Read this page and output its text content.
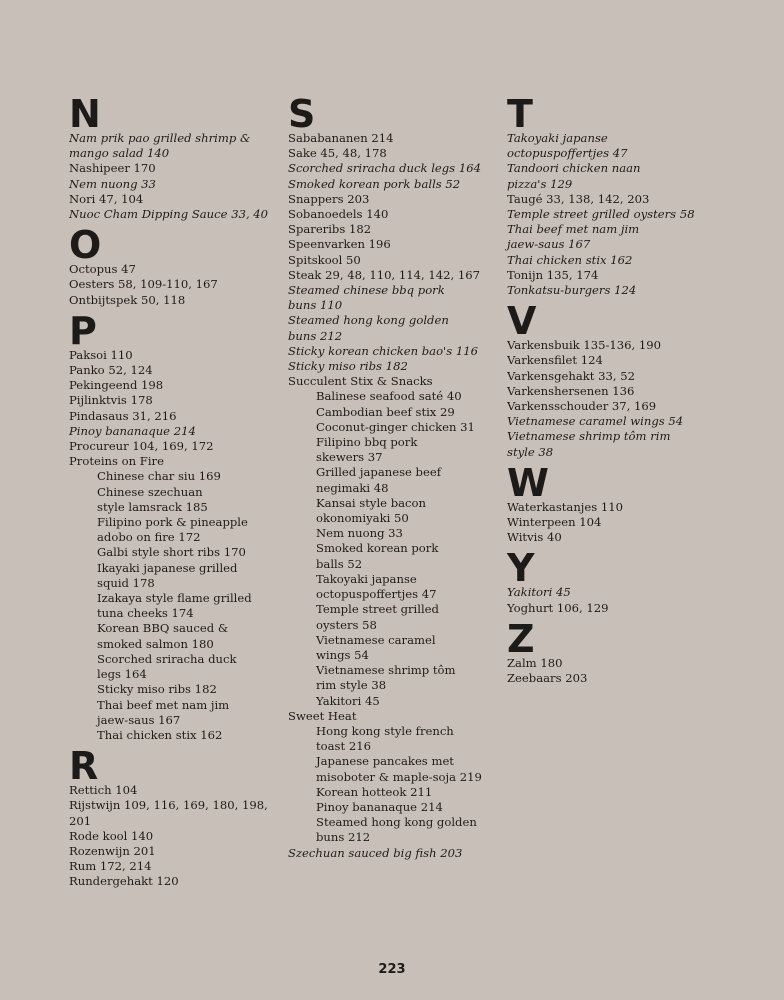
N
Nam prik pao grilled shrimp &
mango salad 140
Nashipeer 170
Nem nuong 33
Nori 47, 104
Nuoc Cham Dipping Sauce 33, 40
O
Octopus 47
Oesters 58, 109-110, 167
Ontbijtspek 50, 118
P
Paksoi 110
Panko 52, 124
Pekingeend 198
Pijlinktvis 178
Pindasaus 31, 216
Pinoy bananaque 214
Procureur 104, 169, 172
Proteins on Fire
Chinese char siu 169
Chinese szechuan
style lamsrack 185
Filipino pork & pineapple
adobo on fire 172
Galbi style short ribs 170
Ikayaki japanese grilled
squid 178
Izakaya style flame grilled
tuna cheeks 174
Korean BBQ sauced &
smoked salmon 180
Scorched sriracha duck
legs 164
Sticky miso ribs 182
Thai beef met nam jim
jaew-saus 167
Thai chicken stix 162
R
Rettich 104
Rijstwijn 109, 116, 169, 180, 198,
201
Rode kool 140
Rozenwijn 201
Rum 172, 214
Rundergehakt 120
S
Sababananen 214
Sake 45, 48, 178
Scorched sriracha duck legs 164
Smoked korean pork balls 52
Snappers 203
Sobanoedels 140
Spareribs 182
Speenvarken 196
Spitskool 50
Steak 29, 48, 110, 114, 142, 167
Steamed chinese bbq pork
buns 110
Steamed hong kong golden
buns 212
Sticky korean chicken bao's 116
Sticky miso ribs 182
Succulent Stix & Snacks
Balinese seafood saté 40
Cambodian beef stix 29
Coconut-ginger chicken 31
Filipino bbq pork
skewers 37
Grilled japanese beef
negimaki 48
Kansai style bacon
okonomiyaki 50
Nem nuong 33
Smoked korean pork
balls 52
Takoyaki japanse
octopuspoffertjes 47
Temple street grilled
oysters 58
Vietnamese caramel
wings 54
Vietnamese shrimp tôm
rim style 38
Yakitori 45
Sweet Heat
Hong kong style french
toast 216
Japanese pancakes met
misoboter & maple-soja 219
Korean hotteok 211
Pinoy bananaque 214
Steamed hong kong golden
buns 212
Szechuan sauced big fish 203
T
Takoyaki japanse
octopuspoffertjes 47
Tandoori chicken naan
pizza's 129
Taugé 33, 138, 142, 203
Temple street grilled oysters 58
Thai beef met nam jim
jaew-saus 167
Thai chicken stix 162
Tonijn 135, 174
Tonkatsu-burgers 124
V
Varkensbuik 135-136, 190
Varkensfilet 124
Varkensgehakt 33, 52
Varkenshersenen 136
Varkensschouder 37, 169
Vietnamese caramel wings 54
Vietnamese shrimp tôm rim
style 38
W
Waterkastanjes 110
Winterpeen 104
Witvis 40
Y
Yakitori 45
Yoghurt 106, 129
Z
Zalm 180
Zeebaars 203
223
